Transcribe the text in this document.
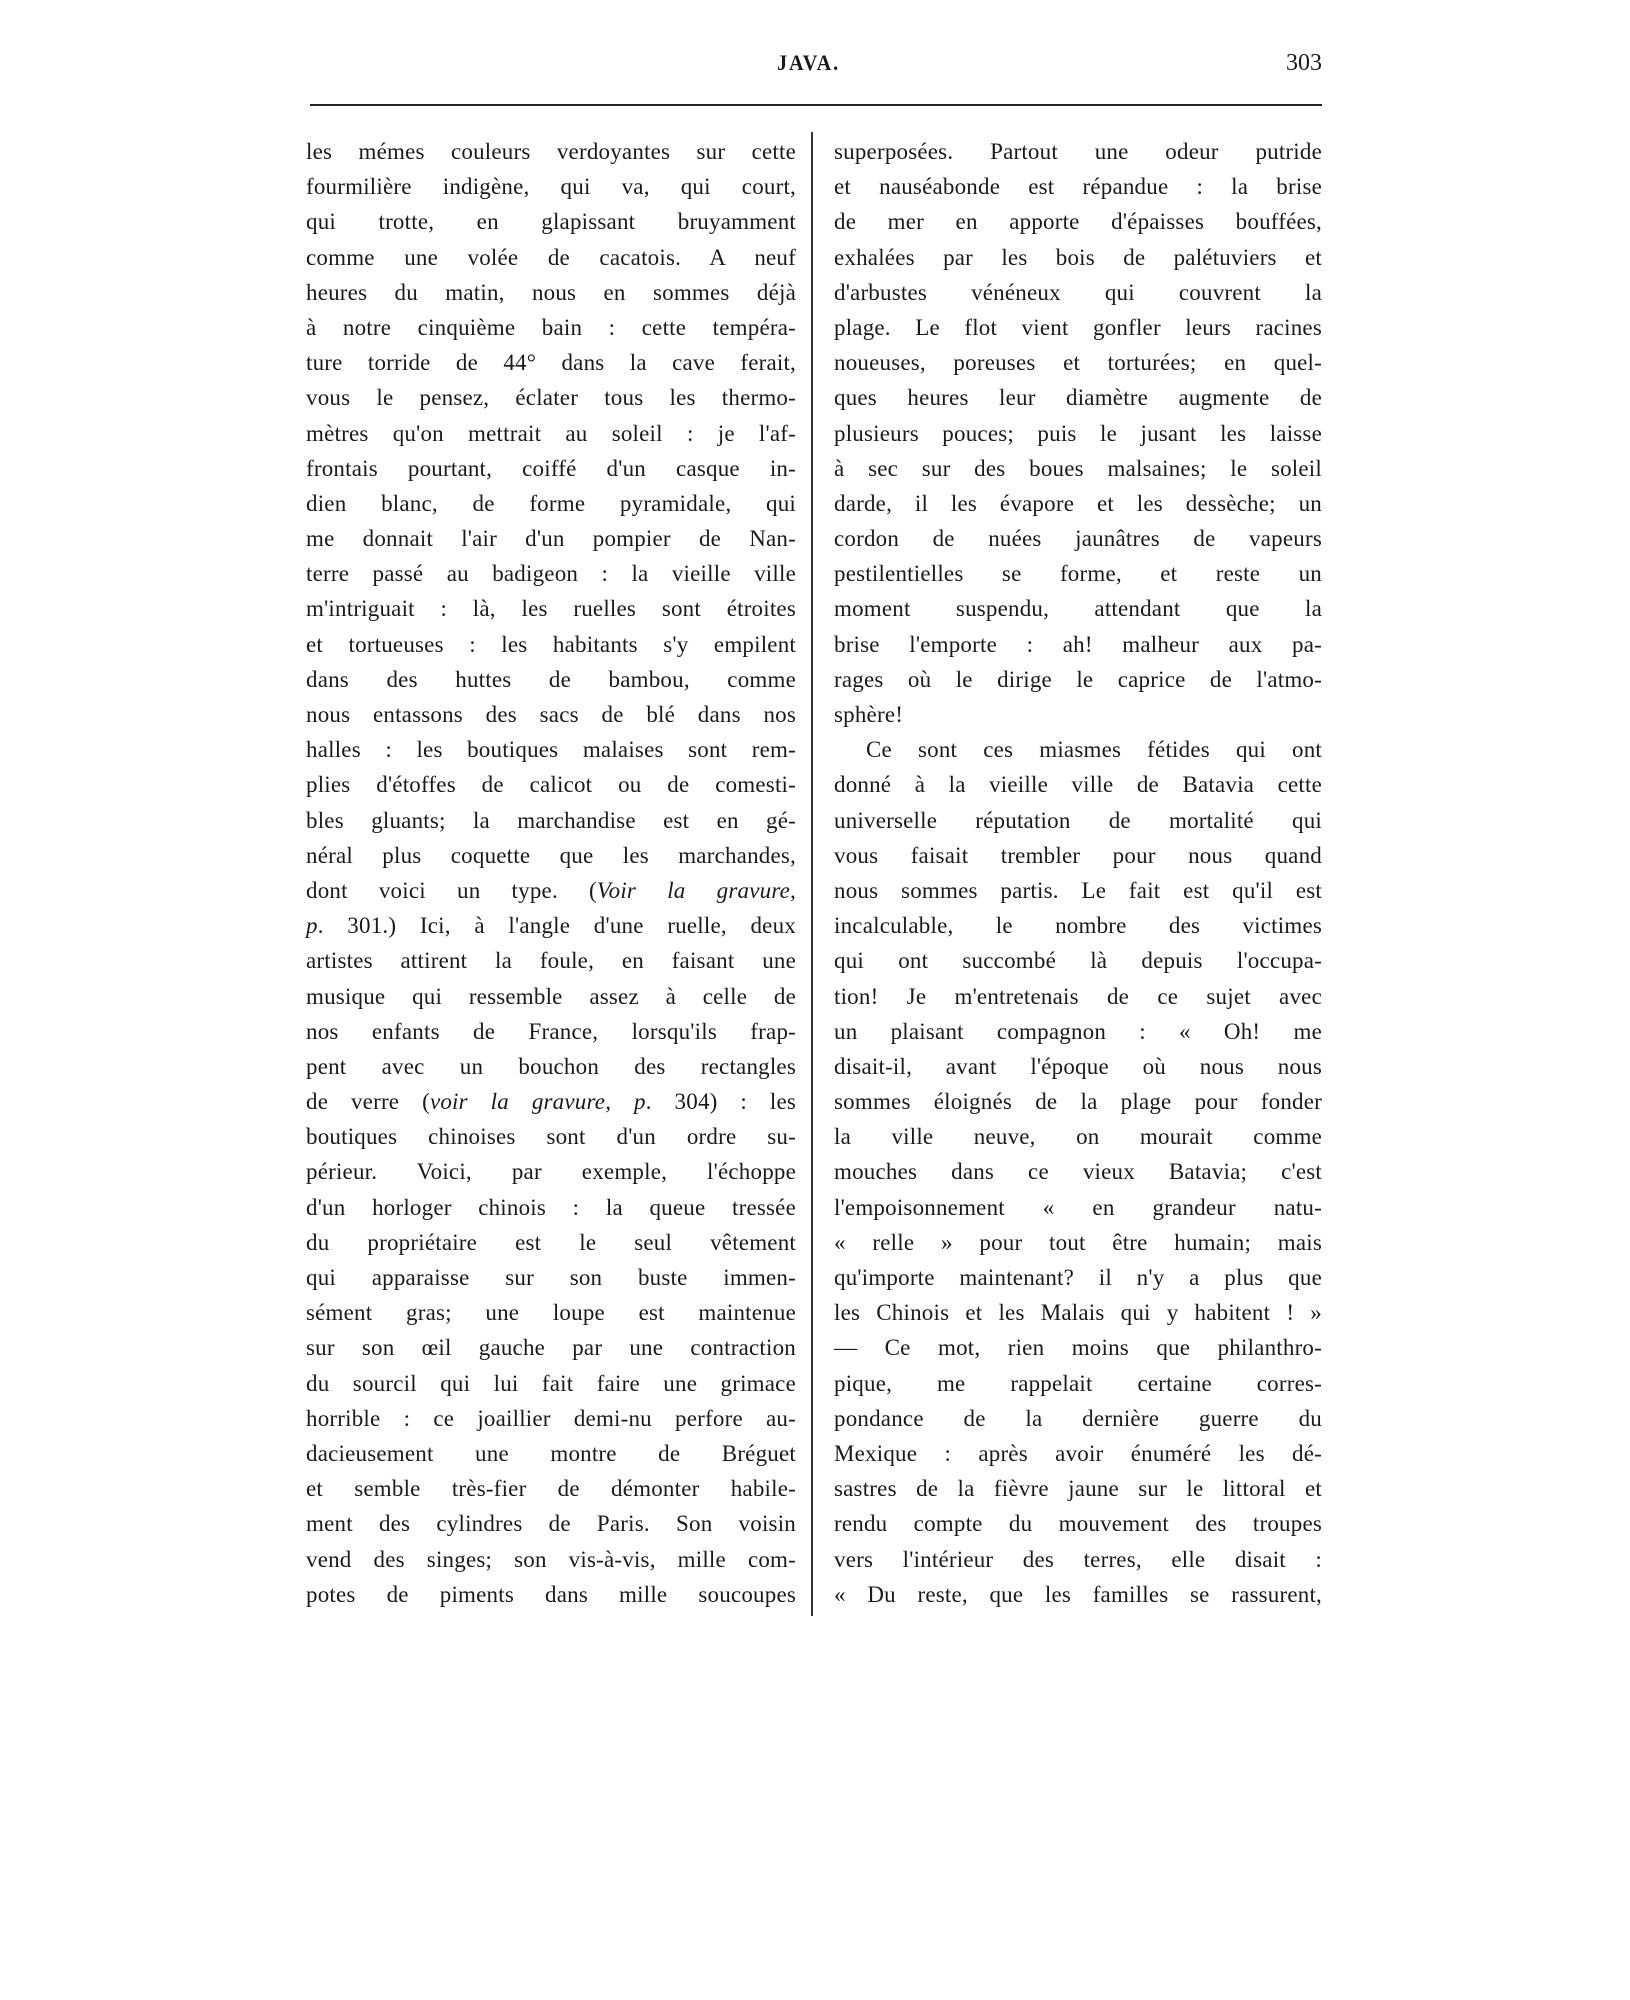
JAVA.	303
les mémes couleurs verdoyantes sur cette
fourmilière indigène, qui va, qui court,
qui trotte, en glapissant bruyamment
comme une volée de cacatois. A neuf
heures du matin, nous en sommes déjà
à notre cinquième bain : cette tempéra-
ture torride de 44° dans la cave ferait,
vous le pensez, éclater tous les thermo-
mètres qu'on mettrait au soleil : je l'af-
frontais pourtant, coiffé d'un casque in-
dien blanc, de forme pyramidale, qui
me donnait l'air d'un pompier de Nan-
terre passé au badigeon : la vieille ville
m'intriguait : là, les ruelles sont étroites
et tortueuses : les habitants s'y empilent
dans des huttes de bambou, comme
nous entassons des sacs de blé dans nos
halles : les boutiques malaises sont rem-
plies d'étoffes de calicot ou de comesti-
bles gluants; la marchandise est en gé-
néral plus coquette que les marchandes,
dont voici un type. (Voir la gravure,
p. 301.) Ici, à l'angle d'une ruelle, deux
artistes attirent la foule, en faisant une
musique qui ressemble assez à celle de
nos enfants de France, lorsqu'ils frap-
pent avec un bouchon des rectangles
de verre (voir la gravure, p. 304) : les
boutiques chinoises sont d'un ordre su-
périeur. Voici, par exemple, l'échoppe
d'un horloger chinois : la queue tressée
du propriétaire est le seul vêtement
qui apparaisse sur son buste immen-
sément gras; une loupe est maintenue
sur son œil gauche par une contraction
du sourcil qui lui fait faire une grimace
horrible : ce joaillier demi-nu perfore au-
dacieusement une montre de Bréguet
et semble très-fier de démonter habile-
ment des cylindres de Paris. Son voisin
vend des singes; son vis-à-vis, mille com-
potes de piments dans mille soucoupes
superposées. Partout une odeur putride
et nauséabonde est répandue : la brise
de mer en apporte d'épaisses bouffées,
exhalées par les bois de palétuviers et
d'arbustes vénéneux qui couvrent la
plage. Le flot vient gonfler leurs racines
noueuses, poreuses et torturées; en quel-
ques heures leur diamètre augmente de
plusieurs pouces; puis le jusant les laisse
à sec sur des boues malsaines; le soleil
darde, il les évapore et les dessèche; un
cordon de nuées jaunâtres de vapeurs
pestilentielles se forme, et reste un
moment suspendu, attendant que la
brise l'emporte : ah! malheur aux pa-
rages où le dirige le caprice de l'atmo-
sphère!
Ce sont ces miasmes fétides qui ont
donné à la vieille ville de Batavia cette
universelle réputation de mortalité qui
vous faisait trembler pour nous quand
nous sommes partis. Le fait est qu'il est
incalculable, le nombre des victimes
qui ont succombé là depuis l'occupa-
tion! Je m'entretenais de ce sujet avec
un plaisant compagnon : « Oh! me
disait-il, avant l'époque où nous nous
sommes éloignés de la plage pour fonder
la ville neuve, on mourait comme
mouches dans ce vieux Batavia; c'est
l'empoisonnement « en grandeur natu-
« relle » pour tout être humain; mais
qu'importe maintenant? il n'y a plus que
les Chinois et les Malais qui y habitent ! »
— Ce mot, rien moins que philanthro-
pique, me rappelait certaine corres-
pondance de la dernière guerre du
Mexique : après avoir énuméré les dé-
sastres de la fièvre jaune sur le littoral et
rendu compte du mouvement des troupes
vers l'intérieur des terres, elle disait :
« Du reste, que les familles se rassurent,
